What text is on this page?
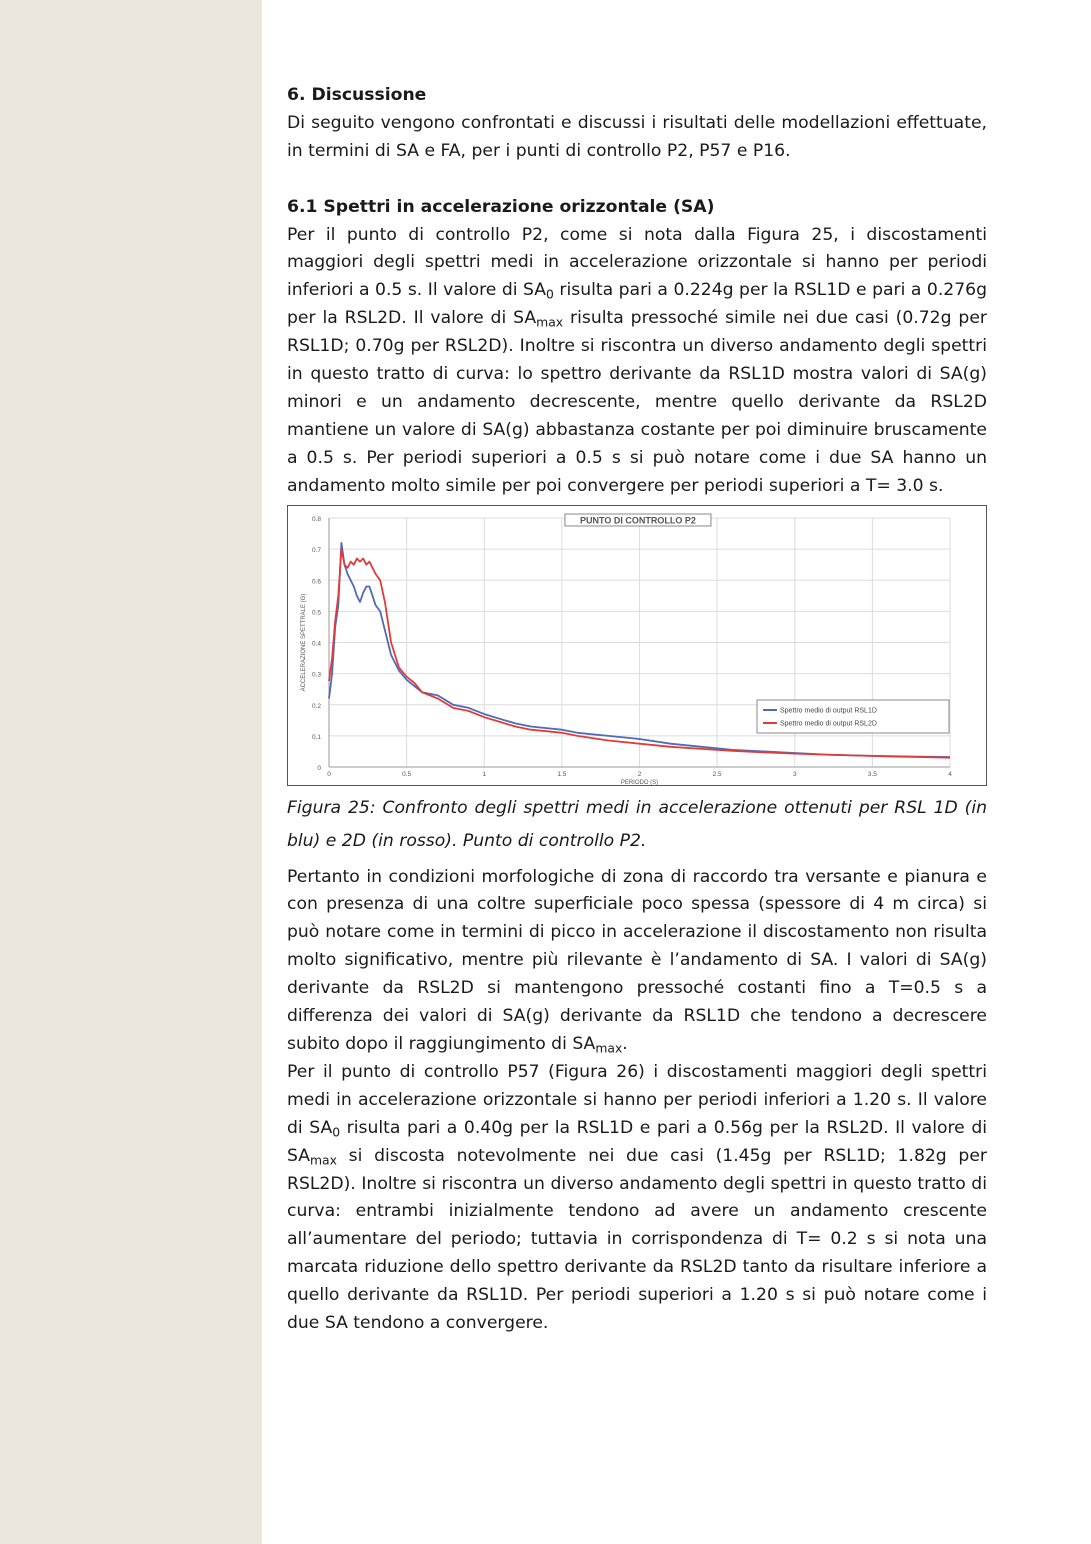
6. Discussione

Di seguito vengono confrontati e discussi i risultati delle modellazioni effettuate, in termini di SA e FA, per i punti di controllo P2, P57 e P16.

6.1 Spettri in accelerazione orizzontale (SA)

Per il punto di controllo P2, come si nota dalla Figura 25, i discostamenti maggiori degli spettri medi in accelerazione orizzontale si hanno per periodi inferiori a 0.5 s. Il valore di $SA_0$ risulta pari a 0.224g per la RSL1D e pari a 0.276g per la RSL2D. Il valore di $SA_{max}$ risulta pressoché simile nei due casi (0.72g per RSL1D; 0.70g per RSL2D). Inoltre si riscontra un diverso andamento degli spettri in questo tratto di curva: lo spettro derivante da RSL1D mostra valori di SA(g) minori e un andamento decrescente, mentre quello derivante da RSL2D mantiene un valore di SA(g) abbastanza costante per poi diminuire bruscamente a 0.5 s. Per periodi superiori a 0.5 s si può notare come i due SA hanno un andamento molto simile per poi convergere per periodi superiori a T= 3.0 s.

0
0.1
0.2
0.3
0.4
0.5
0.6
0.7
0.8
0	0.5	1	1.5	2	2.5	3	3.5	4
PERIODO (S)
ACCELERAZIONE SPETTRALE (G)
PUNTO DI CONTROLLO P2
Spettro medio di output RSL1D
Spettro medio di output RSL2D

Figura 25: Confronto degli spettri medi in accelerazione ottenuti per RSL 1D (in blu) e 2D (in rosso). Punto di controllo P2.

Pertanto in condizioni morfologiche di zona di raccordo tra versante e pianura e con presenza di una coltre superficiale poco spessa (spessore di 4 m circa) si può notare come in termini di picco in accelerazione il discostamento non risulta molto significativo, mentre più rilevante è l’andamento di SA. I valori di SA(g) derivante da RSL2D si mantengono pressoché costanti fino a T=0.5 s a differenza dei valori di SA(g) derivante da RSL1D che tendono a decrescere subito dopo il raggiungimento di $SA_{max}$.

Per il punto di controllo P57 (Figura 26) i discostamenti maggiori degli spettri medi in accelerazione orizzontale si hanno per periodi inferiori a 1.20 s. Il valore di $SA_0$ risulta pari a 0.40g per la RSL1D e pari a 0.56g per la RSL2D. Il valore di $SA_{max}$ si discosta notevolmente nei due casi (1.45g per RSL1D; 1.82g per RSL2D). Inoltre si riscontra un diverso andamento degli spettri in questo tratto di curva: entrambi inizialmente tendono ad avere un andamento crescente all’aumentare del periodo; tuttavia in corrispondenza di T= 0.2 s si nota una marcata riduzione dello spettro derivante da RSL2D tanto da risultare inferiore a quello derivante da RSL1D. Per periodi superiori a 1.20 s si può notare come i due SA tendono a convergere.
